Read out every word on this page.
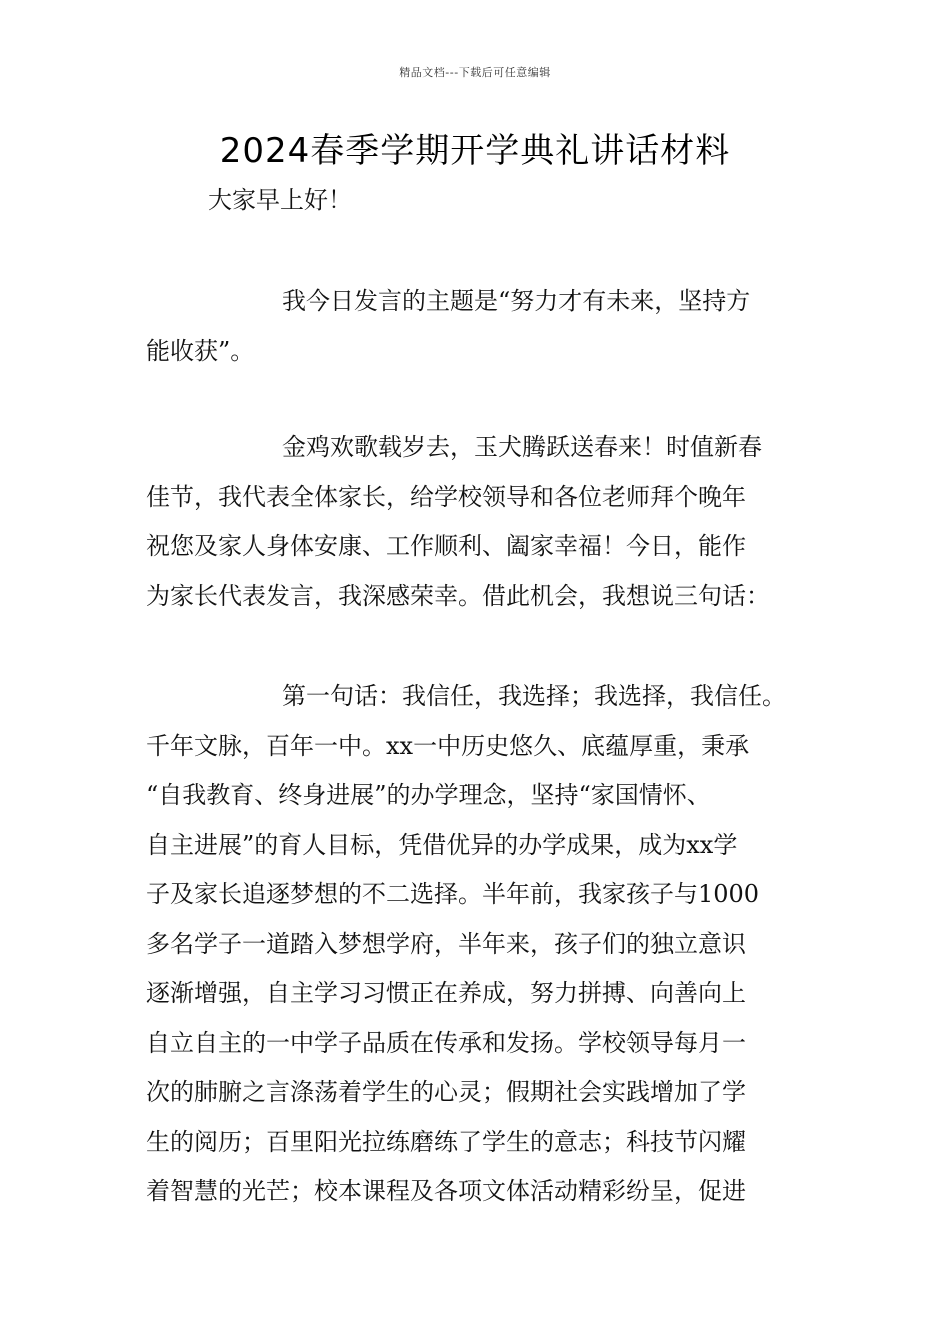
精品文档---下载后可任意编辑
2024春季学期开学典礼讲话材料
大家早上好！
我今日发言的主题是“努力才有未来，坚持方
能收获”。
金鸡欢歌载岁去，玉犬腾跃送春来！时值新春
佳节，我代表全体家长，给学校领导和各位老师拜个晚年
祝您及家人身体安康、工作顺利、阖家幸福！今日，能作
为家长代表发言，我深感荣幸。借此机会，我想说三句话：
第一句话：我信任，我选择；我选择，我信任。
千年文脉，百年一中。xx一中历史悠久、底蕴厚重，秉承
“自我教育、终身进展”的办学理念，坚持“家国情怀、
自主进展”的育人目标，凭借优异的办学成果，成为xx学
子及家长追逐梦想的不二选择。半年前，我家孩子与1000
多名学子一道踏入梦想学府，半年来，孩子们的独立意识
逐渐增强，自主学习习惯正在养成，努力拼搏、向善向上
自立自主的一中学子品质在传承和发扬。学校领导每月一
次的肺腑之言涤荡着学生的心灵；假期社会实践增加了学
生的阅历；百里阳光拉练磨练了学生的意志；科技节闪耀
着智慧的光芒；校本课程及各项文体活动精彩纷呈，促进
